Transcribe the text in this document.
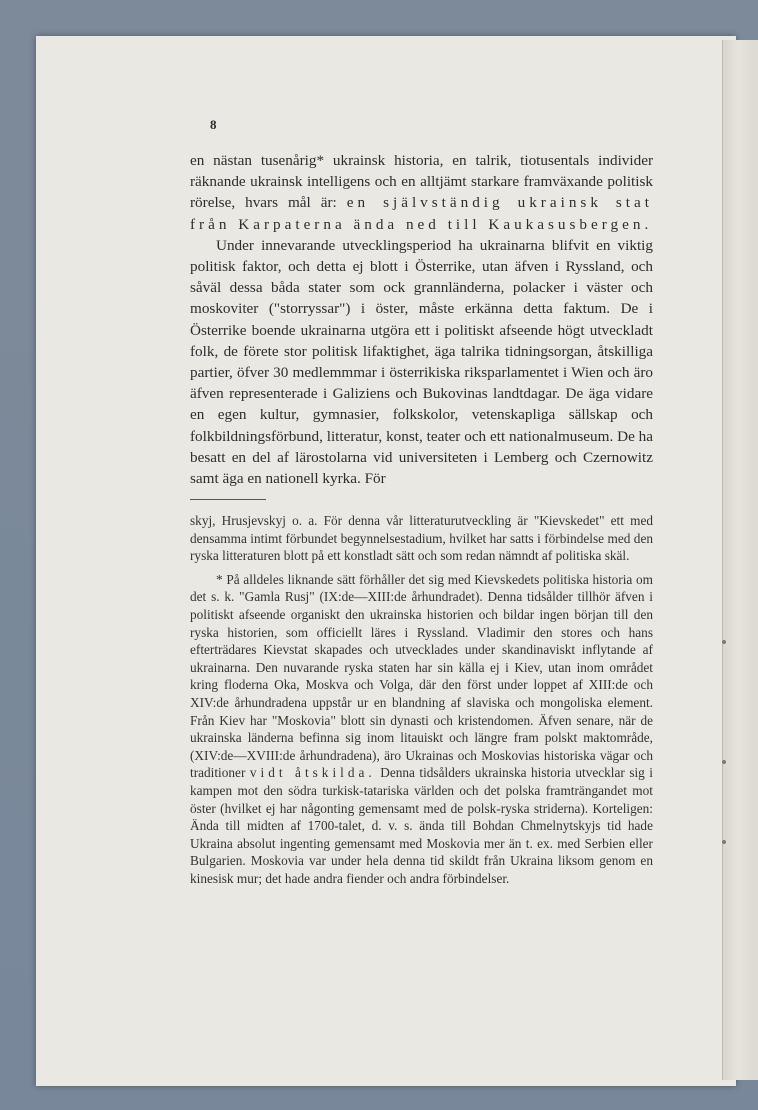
8

en nästan tusenårig* ukrainsk historia, en talrik, tiotusentals individer räknande ukrainsk intelligens och en alltjämt starkare framväxande politisk rörelse, hvars mål är: en självständig ukrainsk stat från Karpaterna ända ned till Kaukasusbergen.

Under innevarande utvecklingsperiod ha ukrainarna blifvit en viktig politisk faktor, och detta ej blott i Österrike, utan äfven i Ryssland, och såväl dessa båda stater som ock grannländerna, polacker i väster och moskoviter ("storryssar") i öster, måste erkänna detta faktum. De i Österrike boende ukrainarna utgöra ett i politiskt afseende högt utveckladt folk, de förete stor politisk lifaktighet, äga talrika tidningsorgan, åtskilliga partier, öfver 30 medlemmmar i österrikiska riksparlamentet i Wien och äro äfven representerade i Galiziens och Bukovinas landtdagar. De äga vidare en egen kultur, gymnasier, folkskolor, vetenskapliga sällskap och folkbildningsförbund, litteratur, konst, teater och ett nationalmuseum. De ha besatt en del af lärostolarna vid universiteten i Lemberg och Czernowitz samt äga en nationell kyrka. För

skyj, Hrusjevskyj o. a. För denna vår litteraturutveckling är "Kievskedet" ett med densamma intimt förbundet begynnelsestadium, hvilket har satts i förbindelse med den ryska litteraturen blott på ett konstladt sätt och som redan nämndt af politiska skäl.

* På alldeles liknande sätt förhåller det sig med Kievskedets politiska historia om det s. k. "Gamla Rusj" (IX:de—XIII:de århundradet). Denna tidsålder tillhör äfven i politiskt afseende organiskt den ukrainska historien och bildar ingen början till den ryska historien, som officiellt läres i Ryssland. Vladimir den stores och hans efterträdares Kievstat skapades och utvecklades under skandinaviskt inflytande af ukrainarna. Den nuvarande ryska staten har sin källa ej i Kiev, utan inom området kring floderna Oka, Moskva och Volga, där den först under loppet af XIII:de och XIV:de århundradena uppstår ur en blandning af slaviska och mongoliska element. Från Kiev har "Moskovia" blott sin dynasti och kristendomen. Äfven senare, när de ukrainska länderna befinna sig inom litauiskt och längre fram polskt maktområde, (XIV:de—XVIII:de århundradena), äro Ukrainas och Moskovias historiska vägar och traditioner vidt åtskilda. Denna tidsålders ukrainska historia utvecklar sig i kampen mot den södra turkisk-tatariska världen och det polska framträngandet mot öster (hvilket ej har någonting gemensamt med de polsk-ryska striderna). Korteligen: Ända till midten af 1700-talet, d. v. s. ända till Bohdan Chmelnytskyjs tid hade Ukraina absolut ingenting gemensamt med Moskovia mer än t. ex. med Serbien eller Bulgarien. Moskovia var under hela denna tid skildt från Ukraina liksom genom en kinesisk mur; det hade andra fiender och andra förbindelser.
